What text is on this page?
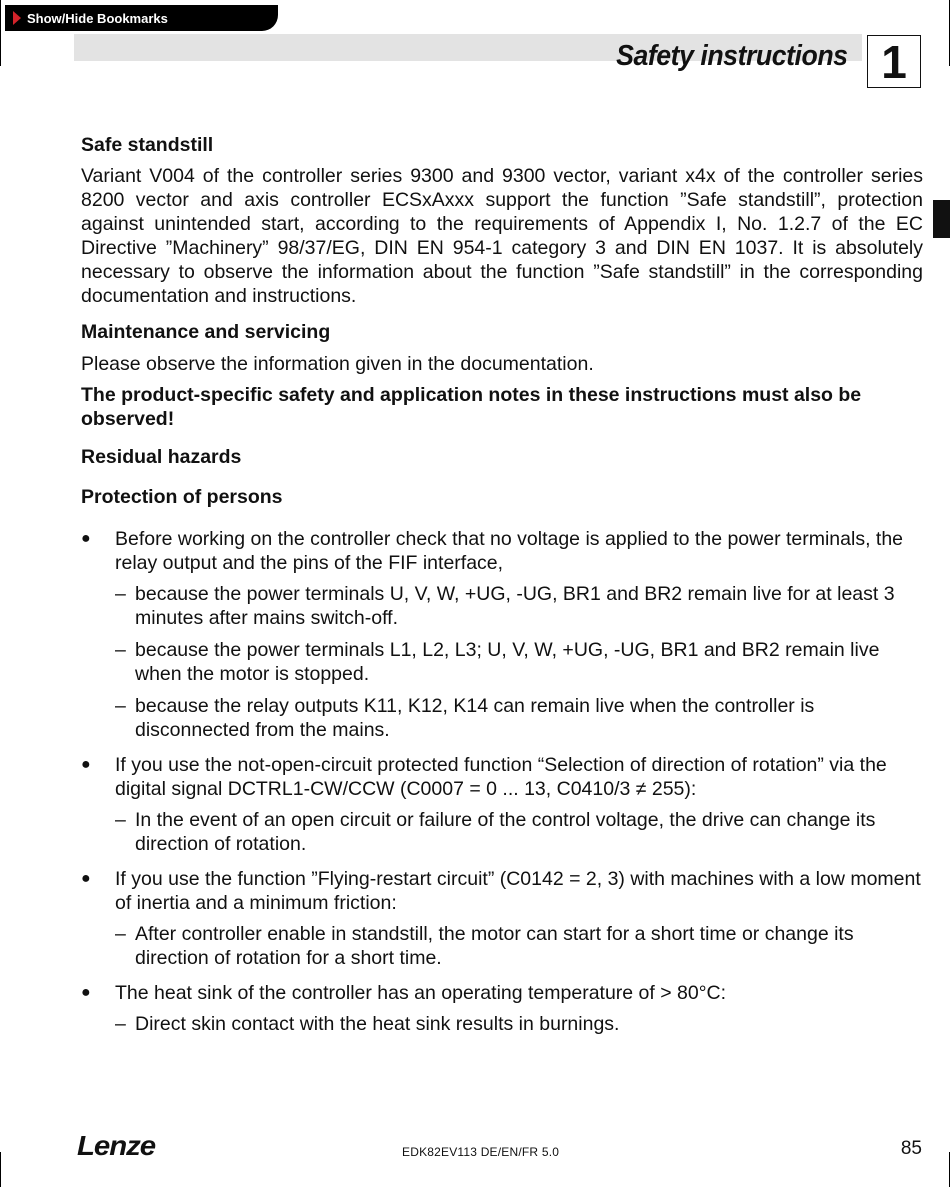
Show/Hide Bookmarks
Safety instructions 1
Safe standstill

Variant V004 of the controller series 9300 and 9300 vector, variant x4x of the controller series 8200 vector and axis controller ECSxAxxx support the function ”Safe standstill”, protection against unintended start, according to the requirements of Appendix I, No. 1.2.7 of the EC Directive ”Machinery” 98/37/EG, DIN EN 954-1 category 3 and DIN EN 1037. It is absolutely necessary to observe the information about the function ”Safe standstill” in the corresponding documentation and instructions.

Maintenance and servicing

Please observe the information given in the documentation.

The product-specific safety and application notes in these instructions must also be observed!
Residual hazards
Protection of persons
● Before working on the controller check that no voltage is applied to the power terminals, the relay output and the pins of the FIF interface,
– because the power terminals U, V, W, +UG, -UG, BR1 and BR2 remain live for at least 3 minutes after mains switch-off.
– because the power terminals L1, L2, L3; U, V, W, +UG, -UG, BR1 and BR2 remain live when the motor is stopped.
– because the relay outputs K11, K12, K14 can remain live when the controller is disconnected from the mains.
● If you use the not-open-circuit protected function “Selection of direction of rotation” via the digital signal DCTRL1-CW/CCW (C0007 = 0 ... 13, C0410/3 ≠ 255):
– In the event of an open circuit or failure of the control voltage, the drive can change its direction of rotation.
● If you use the function ”Flying-restart circuit” (C0142 = 2, 3) with machines with a low moment of inertia and a minimum friction:
– After controller enable in standstill, the motor can start for a short time or change its direction of rotation for a short time.
● The heat sink of the controller has an operating temperature of > 80°C:
– Direct skin contact with the heat sink results in burnings.
Lenze	EDK82EV113 DE/EN/FR 5.0	85
